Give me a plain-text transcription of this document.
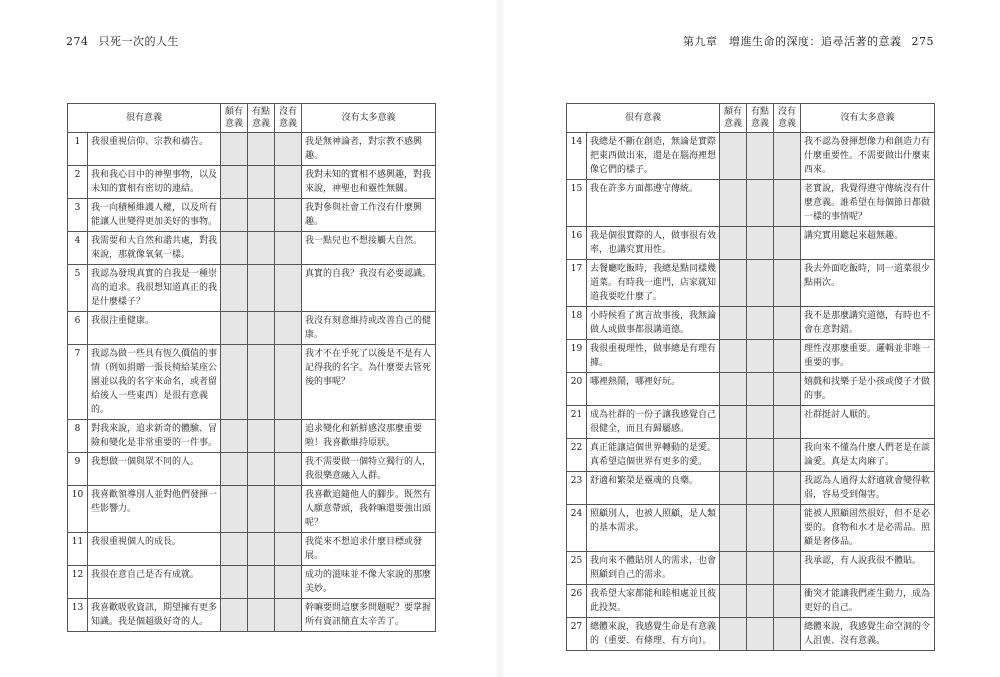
274 只死一次的人生
很有意義		頗有意義	有點意義	沒有意義	沒有太多意義
1	我很重視信仰、宗教和禱告。				我是無神論者，對宗教不感興趣。
2	我和我心目中的神聖事物，以及未知的實相有密切的連結。				我對未知的實相不感興趣，對我來說，神聖也和靈性無關。
3	我一向積極維護人權，以及所有能讓人世變得更加美好的事物。				我對參與社會工作沒有什麼興趣。
4	我需要和大自然和諧共處，對我來說，那就像氧氣一樣。				我一點兒也不想接觸大自然。
5	我認為發現真實的自我是一種崇高的追求。我很想知道真正的我是什麼樣子？				真實的自我？我沒有必要認識。
6	我很注重健康。				我沒有刻意維持或改善自己的健康。
7	我認為做一些具有恆久價值的事情（例如捐贈一張長椅給某座公園並以我的名字來命名，或者留給後人一些東西）是很有意義的。				我才不在乎死了以後是不是有人記得我的名字。為什麼要去管死後的事呢？
8	對我來說，追求新奇的體驗、冒險和變化是非常重要的一件事。				追求變化和新鮮感沒那麼重要啦！我喜歡維持原狀。
9	我想做一個與眾不同的人。				我不需要做一個特立獨行的人，我很樂意融入人群。
10	我喜歡領導別人並對他們發揮一些影響力。				我喜歡追隨他人的腳步。既然有人願意帶頭，我幹嘛還要強出頭呢？
11	我很重視個人的成長。				我從來不想追求什麼目標或發展。
12	我很在意自己是否有成就。				成功的滋味並不像大家說的那麼美妙。
13	我喜歡吸收資訊，期望擁有更多知識。我是個超級好奇的人。				幹嘛要問這麼多問題呢？要掌握所有資訊簡直太辛苦了。
第九章　增進生命的深度：追尋活著的意義 275
很有意義		頗有意義	有點意義	沒有意義	沒有太多意義
14	我總是不斷在創造，無論是實際把東西做出來，還是在腦海裡想像它們的樣子。				我不認為發揮想像力和創造力有什麼重要性。不需要做出什麼東西來。
15	我在許多方面都遵守傳統。				老實說，我覺得遵守傳統沒有什麼意義。誰希望在每個節日都做一樣的事情呢？
16	我是個很實際的人，做事很有效率，也講究實用性。				講究實用聽起來超無趣。
17	去餐廳吃飯時，我總是點同樣幾道菜。有時我一進門，店家就知道我要吃什麼了。				我去外面吃飯時，同一道菜很少點兩次。
18	小時候看了寓言故事後，我無論做人或做事都很講道德。				我不是那麼講究道德，有時也不會在意對錯。
19	我很重視理性，做事總是有理有據。				理性沒那麼重要。邏輯並非唯一重要的事。
20	哪裡熱鬧，哪裡好玩。				嬉戲和找樂子是小孩或傻子才做的事。
21	成為社群的一份子讓我感覺自己很健全，而且有歸屬感。				社群挺討人厭的。
22	真正能讓這個世界轉動的是愛。真希望這個世界有更多的愛。				我向來不懂為什麼人們老是在談論愛。真是太肉麻了。
23	舒適和繁榮是靈魂的良藥。				我認為人過得太舒適就會變得軟弱，容易受到傷害。
24	照顧別人，也被人照顧，是人類的基本需求。				能被人照顧固然很好，但不是必要的。食物和水才是必需品。照顧是奢侈品。
25	我向來不體貼別人的需求，也會照顧到自己的需求。				我承認，有人說我很不體貼。
26	我希望大家都能和睦相處並且彼此投契。				衝突才能讓我們產生動力，成為更好的自己。
27	總體來說，我感覺生命是有意義的（重要、有條理、有方向）。				總體來說，我感覺生命空洞的令人沮喪、沒有意義。
